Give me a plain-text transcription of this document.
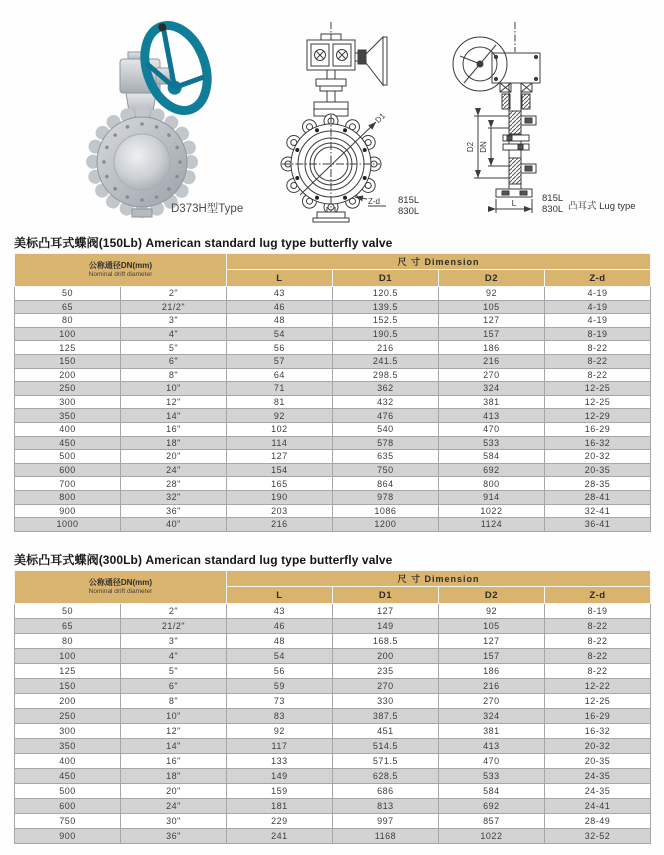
D373H型Type
D1
Z-d 815L
830L
D2 DN
L	815L
830L 凸耳式 Lug type
美标凸耳式蝶阀(150Lb) American standard lug type butterfly valve
公称通径DN(mm)
Nominal drift diameter		尺 寸 Dimension			
		L	D1	D2	Z-d
50	2"	43	120.5	92	4-19
65	21/2"	46	139.5	105	4-19
80	3"	48	152.5	127	4-19
100	4"	54	190.5	157	8-19
125	5"	56	216	186	8-22
150	6"	57	241.5	216	8-22
200	8"	64	298.5	270	8-22
250	10"	71	362	324	12-25
300	12"	81	432	381	12-25
350	14"	92	476	413	12-29
400	16"	102	540	470	16-29
450	18"	114	578	533	16-32
500	20"	127	635	584	20-32
600	24"	154	750	692	20-35
700	28"	165	864	800	28-35
800	32"	190	978	914	28-41
900	36"	203	1086	1022	32-41
1000	40"	216	1200	1124	36-41
美标凸耳式蝶阀(300Lb) American standard lug type butterfly valve
公称通径DN(mm)
Nominal drift diameter		尺 寸 Dimension			
		L	D1	D2	Z-d
50	2"	43	127	92	8-19
65	21/2"	46	149	105	8-22
80	3"	48	168.5	127	8-22
100	4"	54	200	157	8-22
125	5"	56	235	186	8-22
150	6"	59	270	216	12-22
200	8"	73	330	270	12-25
250	10"	83	387.5	324	16-29
300	12"	92	451	381	16-32
350	14"	117	514.5	413	20-32
400	16"	133	571.5	470	20-35
450	18"	149	628.5	533	24-35
500	20"	159	686	584	24-35
600	24"	181	813	692	24-41
750	30"	229	997	857	28-49
900	36"	241	1168	1022	32-52
